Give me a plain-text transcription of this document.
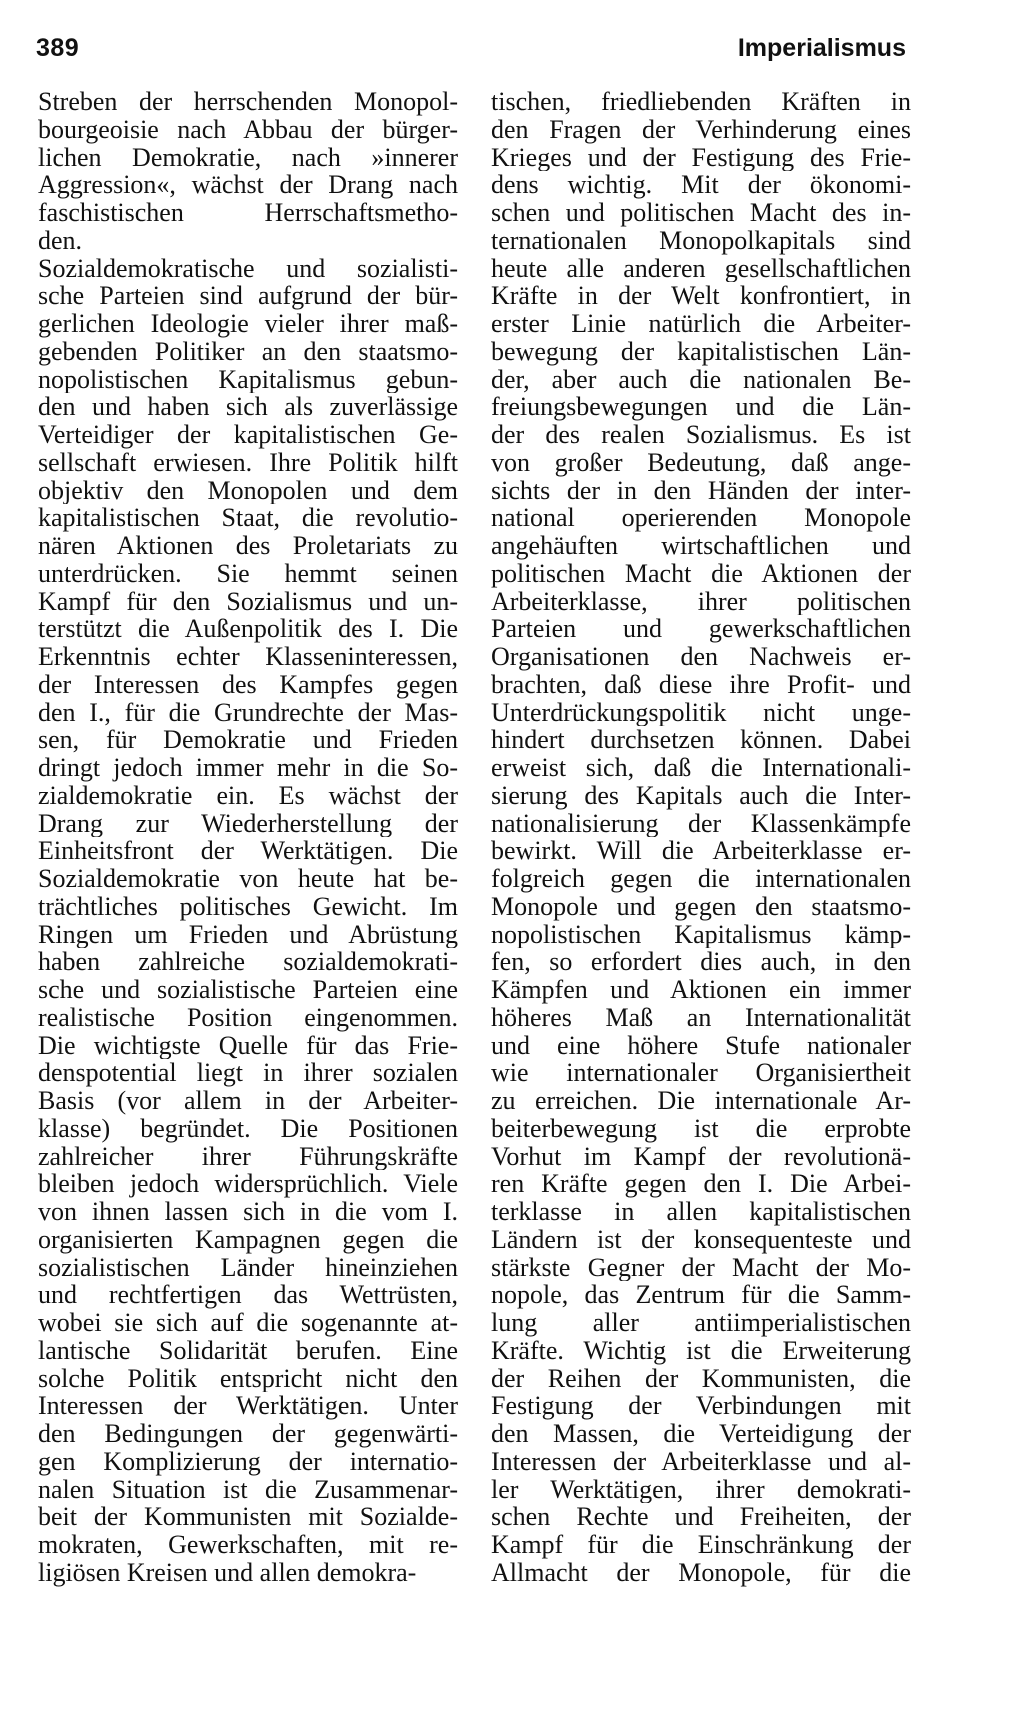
389	Imperialismus
Streben der herrschenden Monopol-
bourgeoisie nach Abbau der bürger-
lichen Demokratie, nach »innerer
Aggression«, wächst der Drang nach
faschistischen Herrschaftsmetho-
den.
Sozialdemokratische und sozialisti-
sche Parteien sind aufgrund der bür-
gerlichen Ideologie vieler ihrer maß-
gebenden Politiker an den staatsmo-
nopolistischen Kapitalismus gebun-
den und haben sich als zuverlässige
Verteidiger der kapitalistischen Ge-
sellschaft erwiesen. Ihre Politik hilft
objektiv den Monopolen und dem
kapitalistischen Staat, die revolutio-
nären Aktionen des Proletariats zu
unterdrücken. Sie hemmt seinen
Kampf für den Sozialismus und un-
terstützt die Außenpolitik des I. Die
Erkenntnis echter Klasseninteressen,
der Interessen des Kampfes gegen
den I., für die Grundrechte der Mas-
sen, für Demokratie und Frieden
dringt jedoch immer mehr in die So-
zialdemokratie ein. Es wächst der
Drang zur Wiederherstellung der
Einheitsfront der Werktätigen. Die
Sozialdemokratie von heute hat be-
trächtliches politisches Gewicht. Im
Ringen um Frieden und Abrüstung
haben zahlreiche sozialdemokrati-
sche und sozialistische Parteien eine
realistische Position eingenommen.
Die wichtigste Quelle für das Frie-
denspotential liegt in ihrer sozialen
Basis (vor allem in der Arbeiter-
klasse) begründet. Die Positionen
zahlreicher ihrer Führungskräfte
bleiben jedoch widersprüchlich. Viele
von ihnen lassen sich in die vom I.
organisierten Kampagnen gegen die
sozialistischen Länder hineinziehen
und rechtfertigen das Wettrüsten,
wobei sie sich auf die sogenannte at-
lantische Solidarität berufen. Eine
solche Politik entspricht nicht den
Interessen der Werktätigen. Unter
den Bedingungen der gegenwärti-
gen Komplizierung der internatio-
nalen Situation ist die Zusammenar-
beit der Kommunisten mit Sozialde-
mokraten, Gewerkschaften, mit re-
ligiösen Kreisen und allen demokra-
tischen, friedliebenden Kräften in
den Fragen der Verhinderung eines
Krieges und der Festigung des Frie-
dens wichtig. Mit der ökonomi-
schen und politischen Macht des in-
ternationalen Monopolkapitals sind
heute alle anderen gesellschaftlichen
Kräfte in der Welt konfrontiert, in
erster Linie natürlich die Arbeiter-
bewegung der kapitalistischen Län-
der, aber auch die nationalen Be-
freiungsbewegungen und die Län-
der des realen Sozialismus. Es ist
von großer Bedeutung, daß ange-
sichts der in den Händen der inter-
national operierenden Monopole
angehäuften wirtschaftlichen und
politischen Macht die Aktionen der
Arbeiterklasse, ihrer politischen
Parteien und gewerkschaftlichen
Organisationen den Nachweis er-
brachten, daß diese ihre Profit- und
Unterdrückungspolitik nicht unge-
hindert durchsetzen können. Dabei
erweist sich, daß die Internationali-
sierung des Kapitals auch die Inter-
nationalisierung der Klassenkämpfe
bewirkt. Will die Arbeiterklasse er-
folgreich gegen die internationalen
Monopole und gegen den staatsmo-
nopolistischen Kapitalismus kämp-
fen, so erfordert dies auch, in den
Kämpfen und Aktionen ein immer
höheres Maß an Internationalität
und eine höhere Stufe nationaler
wie internationaler Organisiertheit
zu erreichen. Die internationale Ar-
beiterbewegung ist die erprobte
Vorhut im Kampf der revolutionä-
ren Kräfte gegen den I. Die Arbei-
terklasse in allen kapitalistischen
Ländern ist der konsequenteste und
stärkste Gegner der Macht der Mo-
nopole, das Zentrum für die Samm-
lung aller antiimperialistischen
Kräfte. Wichtig ist die Erweiterung
der Reihen der Kommunisten, die
Festigung der Verbindungen mit
den Massen, die Verteidigung der
Interessen der Arbeiterklasse und al-
ler Werktätigen, ihrer demokrati-
schen Rechte und Freiheiten, der
Kampf für die Einschränkung der
Allmacht der Monopole, für die
